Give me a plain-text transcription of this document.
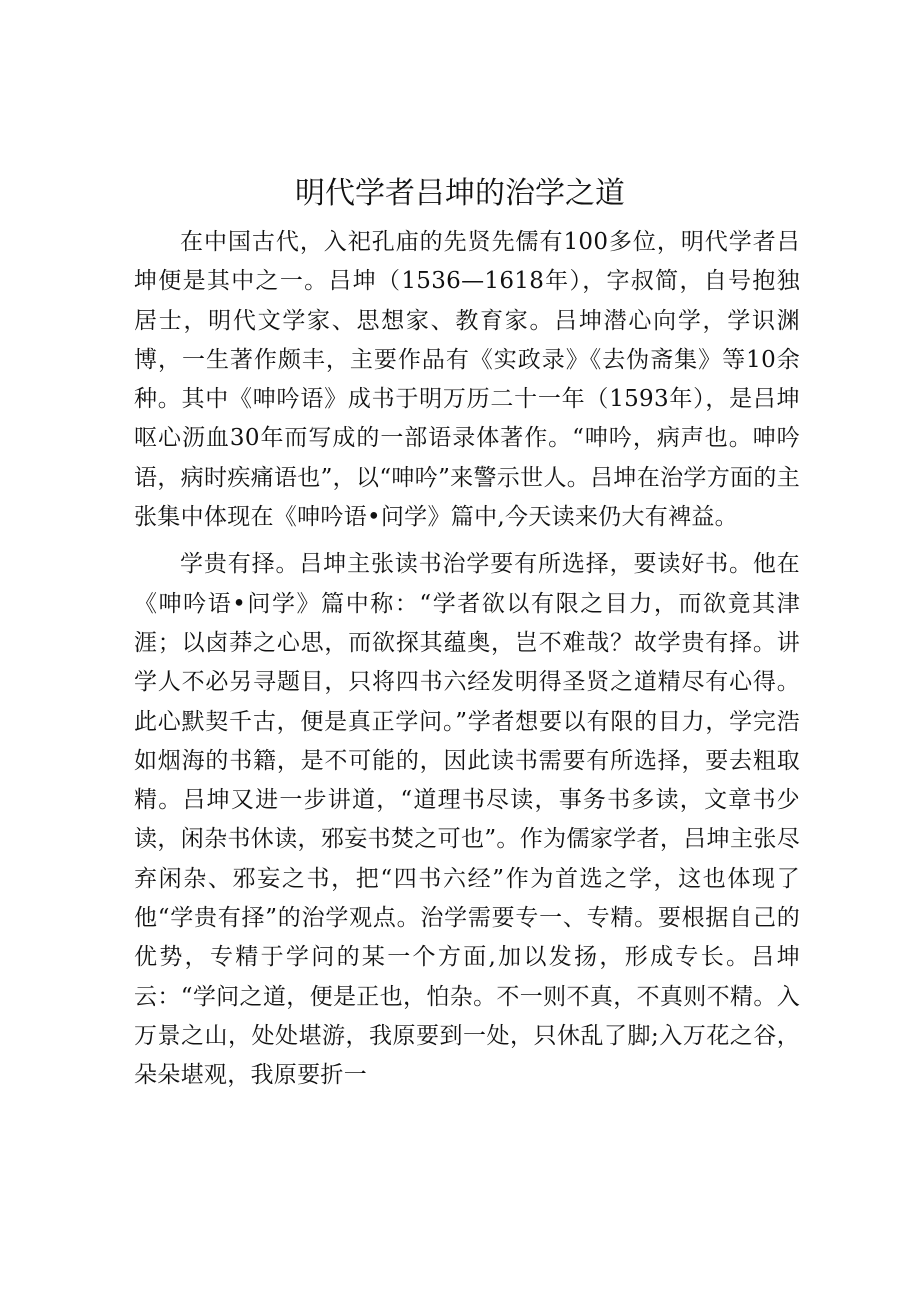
明代学者吕坤的治学之道

在中国古代，入祀孔庙的先贤先儒有100多位，明代学者吕坤便是其中之一。吕坤（1536—1618年），字叔简，自号抱独居士，明代文学家、思想家、教育家。吕坤潜心向学，学识渊博，一生著作颇丰，主要作品有《实政录》《去伪斋集》等10余种。其中《呻吟语》成书于明万历二十一年（1593年），是吕坤呕心沥血30年而写成的一部语录体著作。“呻吟，病声也。呻吟语，病时疾痛语也”，以“呻吟”来警示世人。吕坤在治学方面的主张集中体现在《呻吟语•问学》篇中,今天读来仍大有裨益。

学贵有择。吕坤主张读书治学要有所选择，要读好书。他在《呻吟语•问学》篇中称：“学者欲以有限之目力，而欲竟其津涯；以卤莽之心思，而欲探其蕴奥，岂不难哉？故学贵有择。讲学人不必另寻题目，只将四书六经发明得圣贤之道精尽有心得。此心默契千古，便是真正学问。”学者想要以有限的目力，学完浩如烟海的书籍，是不可能的，因此读书需要有所选择，要去粗取精。吕坤又进一步讲道，“道理书尽读，事务书多读，文章书少读，闲杂书休读，邪妄书焚之可也”。作为儒家学者，吕坤主张尽弃闲杂、邪妄之书，把“四书六经”作为首选之学，这也体现了他“学贵有择”的治学观点。治学需要专一、专精。要根据自己的优势，专精于学问的某一个方面,加以发扬，形成专长。吕坤云：“学问之道，便是正也，怕杂。不一则不真，不真则不精。入万景之山，处处堪游，我原要到一处，只休乱了脚;入万花之谷，朵朵堪观，我原要折一
